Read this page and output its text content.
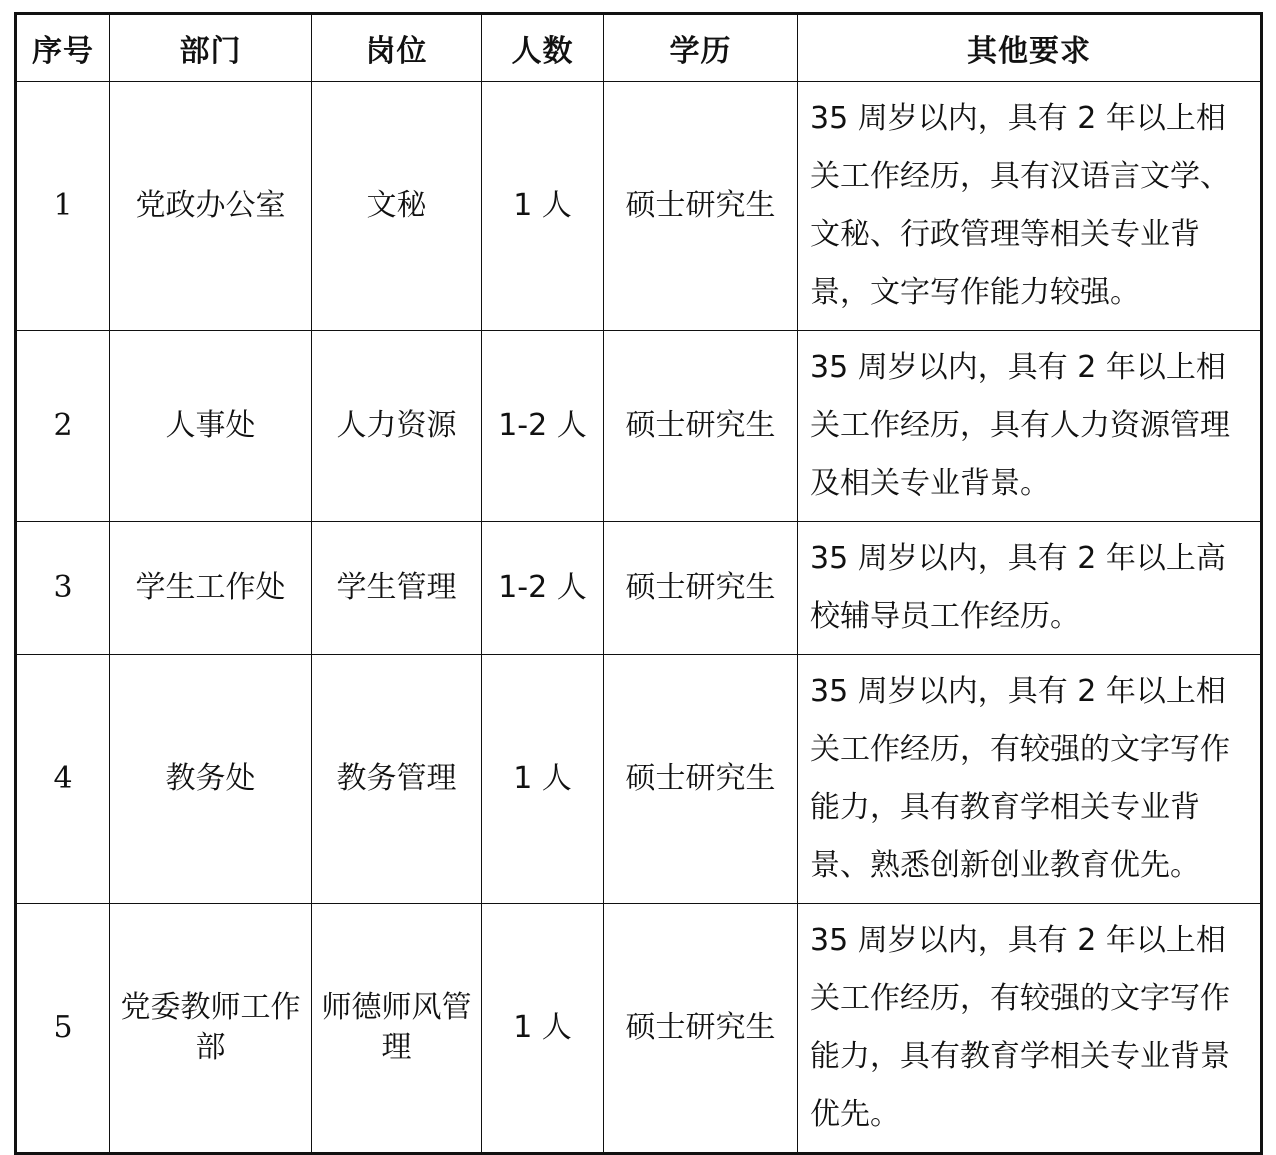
序号	部门	岗位	人数	学历	其他要求
1	党政办公室	文秘	1 人	硕士研究生	35 周岁以内，具有 2 年以上相关工作经历，具有汉语言文学、文秘、行政管理等相关专业背景，文字写作能力较强。
2	人事处	人力资源	1-2 人	硕士研究生	35 周岁以内，具有 2 年以上相关工作经历，具有人力资源管理及相关专业背景。
3	学生工作处	学生管理	1-2 人	硕士研究生	35 周岁以内，具有 2 年以上高校辅导员工作经历。
4	教务处	教务管理	1 人	硕士研究生	35 周岁以内，具有 2 年以上相关工作经历，有较强的文字写作能力，具有教育学相关专业背景、熟悉创新创业教育优先。
5	党委教师工作部	师德师风管理	1 人	硕士研究生	35 周岁以内，具有 2 年以上相关工作经历，有较强的文字写作能力，具有教育学相关专业背景优先。
